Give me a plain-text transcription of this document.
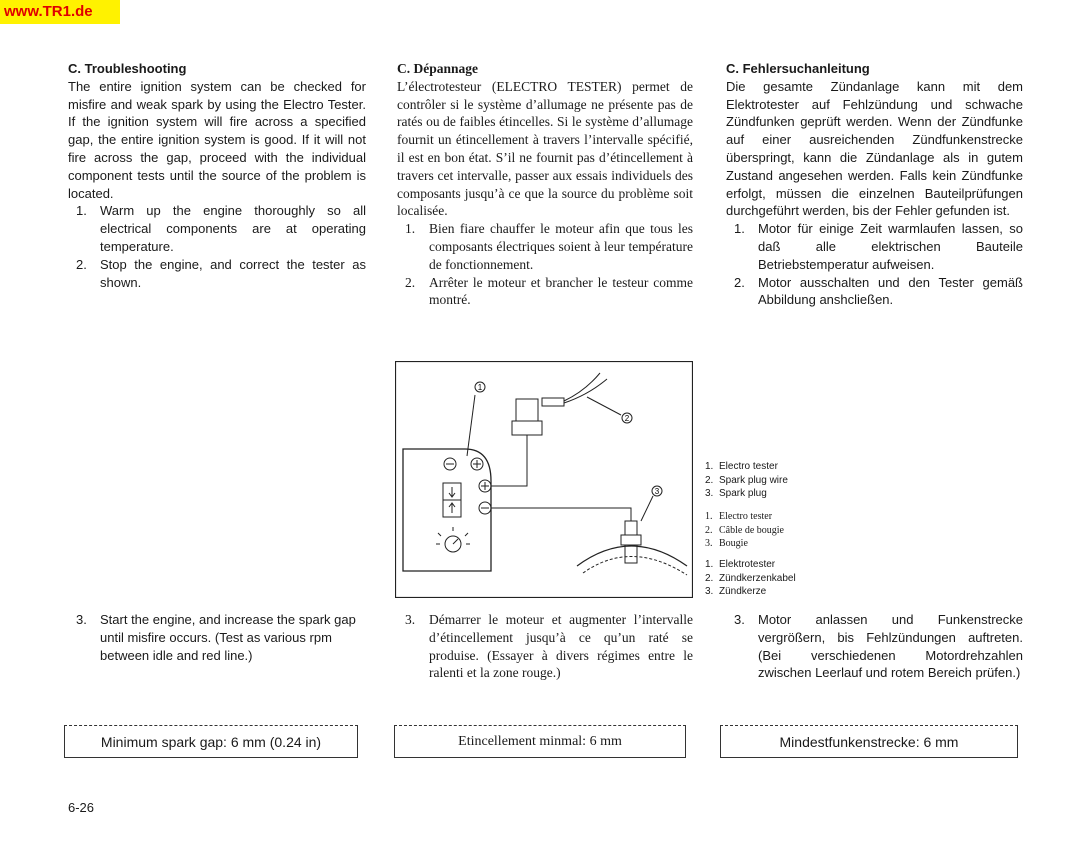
www.TR1.de
C. Troubleshooting

The entire ignition system can be checked for misfire and weak spark by using the Electro Tester. If the ignition system will fire across a specified gap, the entire ignition system is good. If it will not fire across the gap, proceed with the individual component tests until the source of the problem is located.

1. Warm up the engine thoroughly so all electrical components are at operating temperature.
2. Stop the engine, and correct the tester as shown.
C. Dépannage

L’électrotesteur (ELECTRO TESTER) permet de contrôler si le système d’allumage ne présente pas de ratés ou de faibles étincelles. Si le système d’allumage fournit un étincellement à travers l’intervalle spécifié, il est en bon état. S’il ne fournit pas d’étincellement à travers cet intervalle, passer aux essais individuels des composants jusqu’à ce que la source du problème soit localisée.

1. Bien fiare chauffer le moteur afin que tous les composants électriques soient à leur température de fonctionnement.
2. Arrêter le moteur et brancher le testeur comme montré.
C. Fehlersuchanleitung

Die gesamte Zündanlage kann mit dem Elektrotester auf Fehlzündung und schwache Zündfunken geprüft werden. Wenn der Zündfunke auf einer ausreichenden Zündfunkenstrecke überspringt, kann die Zündanlage als in gutem Zustand angesehen werden. Falls kein Zündfunke erfolgt, müssen die einzelnen Bauteilprüfungen durchgeführt werden, bis der Fehler gefunden ist.

1. Motor für einige Zeit warmlaufen lassen, so daß alle elektrischen Bauteile Betriebstemperatur aufweisen.
2. Motor ausschalten und den Tester gemäß Abbildung anshcließen.
1
2
3
1. Electro tester
2. Spark plug wire
3. Spark plug
1. Electro tester
2. Câble de bougie
3. Bougie
1. Elektrotester
2. Zündkerzenkabel
3. Zündkerze
3. Start the engine, and increase the spark gap until misfire occurs. (Test as various rpm between idle and red line.)
3. Démarrer le moteur et augmenter l’intervalle d’étincellement jusqu’à ce qu’un raté se produise. (Essayer à divers régimes entre le ralenti et la zone rouge.)
3. Motor anlassen und Funkenstrecke vergrößern, bis Fehlzündungen auftreten. (Bei verschiedenen Motordrehzahlen zwischen Leerlauf und rotem Bereich prüfen.)
Minimum spark gap: 6 mm (0.24 in)	Etincellement minmal: 6 mm	Mindestfunkenstrecke: 6 mm
6-26
